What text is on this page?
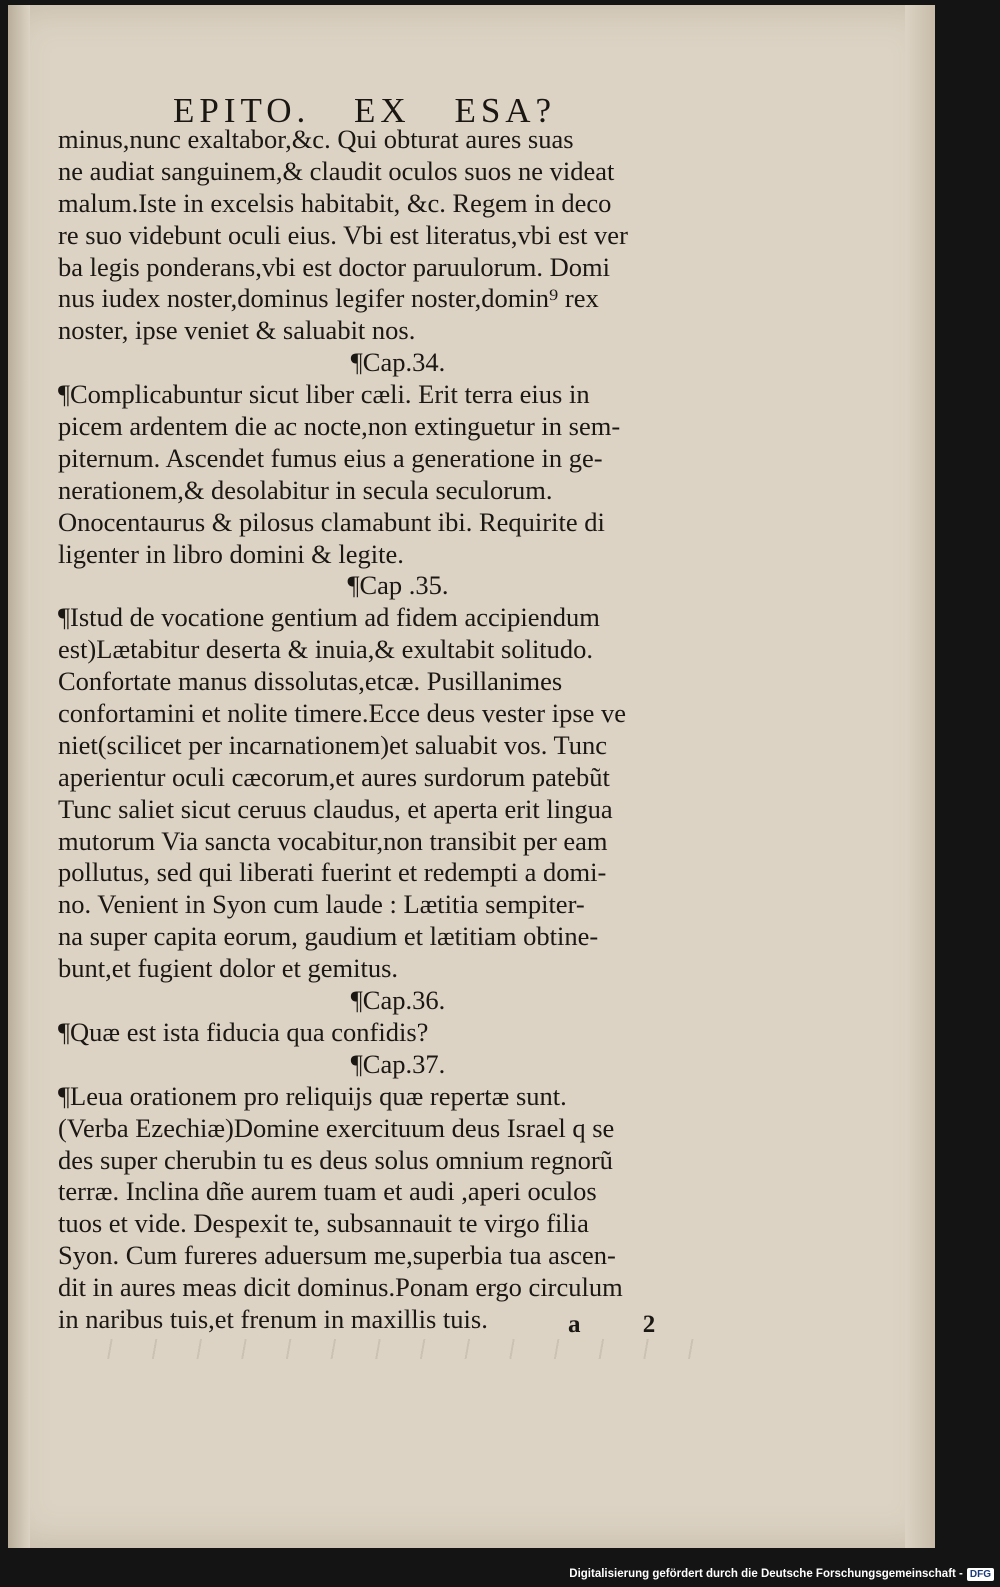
EPITO. EX ESA?
minus,nunc exaltabor,&c. Qui obturat aures suas
ne audiat sanguinem,& claudit oculos suos ne videat
malum.Iste in excelsis habitabit, &c. Regem in deco
re suo videbunt oculi eius. Vbi est literatus,vbi est ver
ba legis ponderans,vbi est doctor paruulorum. Domi
nus iudex noster,dominus legifer noster,domin⁹ rex
noster, ipse veniet & saluabit nos.
¶Cap.34.
¶Complicabuntur sicut liber cæli. Erit terra eius in
picem ardentem die ac nocte,non extinguetur in sem-
piternum. Ascendet fumus eius a generatione in ge-
nerationem,& desolabitur in secula seculorum.
Onocentaurus & pilosus clamabunt ibi. Requirite di
ligenter in libro domini & legite.
¶Cap .35.
¶Istud de vocatione gentium ad fidem accipiendum
est)Lætabitur deserta & inuia,& exultabit solitudo.
Confortate manus dissolutas,etcæ. Pusillanimes
confortamini et nolite timere.Ecce deus vester ipse ve
niet(scilicet per incarnationem)et saluabit vos. Tunc
aperientur oculi cæcorum,et aures surdorum patebũt
Tunc saliet sicut ceruus claudus, et aperta erit lingua
mutorum Via sancta vocabitur,non transibit per eam
pollutus, sed qui liberati fuerint et redempti a domi-
no. Venient in Syon cum laude : Lætitia sempiter-
na super capita eorum, gaudium et lætitiam obtine-
bunt,et fugient dolor et gemitus.
¶Cap.36.
¶Quæ est ista fiducia qua confidis?
¶Cap.37.
¶Leua orationem pro reliquijs quæ repertæ sunt.
(Verba Ezechiæ)Domine exercituum deus Israel q se
des super cherubin tu es deus solus omnium regnorũ
terræ. Inclina dñe aurem tuam et audi ,aperi oculos
tuos et vide. Despexit te, subsannauit te virgo filia
Syon. Cum fureres aduersum me,superbia tua ascen-
dit in aures meas dicit dominus.Ponam ergo circulum
in naribus tuis,et frenum in maxillis tuis.	a 2
Digitalisierung gefördert durch die Deutsche Forschungsgemeinschaft - DFG
